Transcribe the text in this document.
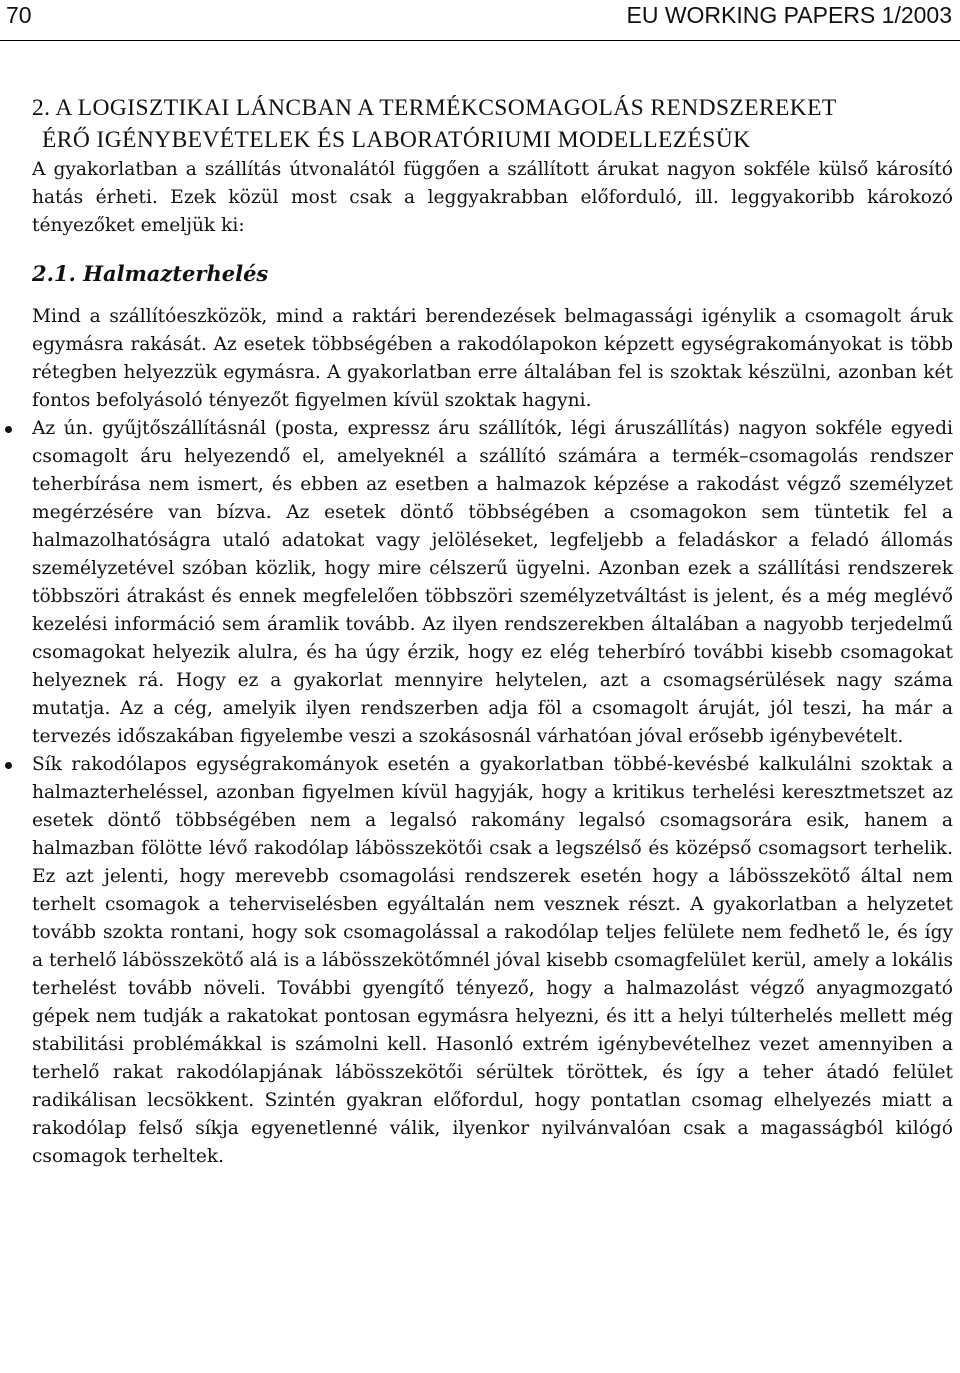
70	EU WORKING PAPERS 1/2003
2. A LOGISZTIKAI LÁNCBAN A TERMÉKCSOMAGOLÁS RENDSZEREKET
ÉRŐ IGÉNYBEVÉTELEK ÉS LABORATÓRIUMI MODELLEZÉSÜK

A gyakorlatban a szállítás útvonalától függően a szállított árukat nagyon sokféle külső károsító hatás érheti. Ezek közül most csak a leggyakrabban előforduló, ill. leggyakoribb károkozó tényezőket emeljük ki:

2.1. Halmazterhelés

Mind a szállítóeszközök, mind a raktári berendezések belmagassági igénylik a csomagolt áruk egymásra rakását. Az esetek többségében a rakodólapokon képzett egységrakományokat is több rétegben helyezzük egymásra. A gyakorlatban erre általában fel is szoktak készülni, azonban két fontos befolyásoló tényezőt figyelmen kívül szoktak hagyni.

Az ún. gyűjtőszállításnál (posta, expressz áru szállítók, légi áruszállítás) nagyon sokféle egyedi csomagolt áru helyezendő el, amelyeknél a szállító számára a termék–csomagolás rendszer teherbírása nem ismert, és ebben az esetben a halmazok képzése a rakodást végző személyzet megérzésére van bízva. Az esetek döntő többségében a csomagokon sem tüntetik fel a halmazolhatóságra utaló adatokat vagy jelöléseket, legfeljebb a feladáskor a feladó állomás személyzetével szóban közlik, hogy mire célszerű ügyelni. Azonban ezek a szállítási rendszerek többszöri átrakást és ennek megfelelően többszöri személyzetváltást is jelent, és a még meglévő kezelési információ sem áramlik tovább. Az ilyen rendszerekben általában a nagyobb terjedelmű csomagokat helyezik alulra, és ha úgy érzik, hogy ez elég teherbíró további kisebb csomagokat helyeznek rá. Hogy ez a gyakorlat mennyire helytelen, azt a csomagsérülések nagy száma mutatja. Az a cég, amelyik ilyen rendszerben adja föl a csomagolt áruját, jól teszi, ha már a tervezés időszakában figyelembe veszi a szokásosnál várhatóan jóval erősebb igénybevételt.
Sík rakodólapos egységrakományok esetén a gyakorlatban többé-kevésbé kalkulálni szoktak a halmazterheléssel, azonban figyelmen kívül hagyják, hogy a kritikus terhelési keresztmetszet az esetek döntő többségében nem a legalsó rakomány legalsó csomagsorára esik, hanem a halmazban fölötte lévő rakodólap lábösszekötői csak a legszélső és középső csomagsort terhelik. Ez azt jelenti, hogy merevebb csomagolási rendszerek esetén hogy a lábösszekötő által nem terhelt csomagok a teherviselésben egyáltalán nem vesznek részt. A gyakorlatban a helyzetet tovább szokta rontani, hogy sok csomagolással a rakodólap teljes felülete nem fedhető le, és így a terhelő lábösszekötő alá is a lábösszekötőmnél jóval kisebb csomagfelület kerül, amely a lokális terhelést tovább növeli. További gyengítő tényező, hogy a halmazolást végző anyagmozgató gépek nem tudják a rakatokat pontosan egymásra helyezni, és itt a helyi túlterhelés mellett még stabilitási problémákkal is számolni kell. Hasonló extrém igénybevételhez vezet amennyiben a terhelő rakat rakodólapjának lábösszekötői sérültek töröttek, és így a teher átadó felület radikálisan lecsökkent. Szintén gyakran előfordul, hogy pontatlan csomag elhelyezés miatt a rakodólap felső síkja egyenetlenné válik, ilyenkor nyilvánvalóan csak a magasságból kilógó csomagok terheltek.
